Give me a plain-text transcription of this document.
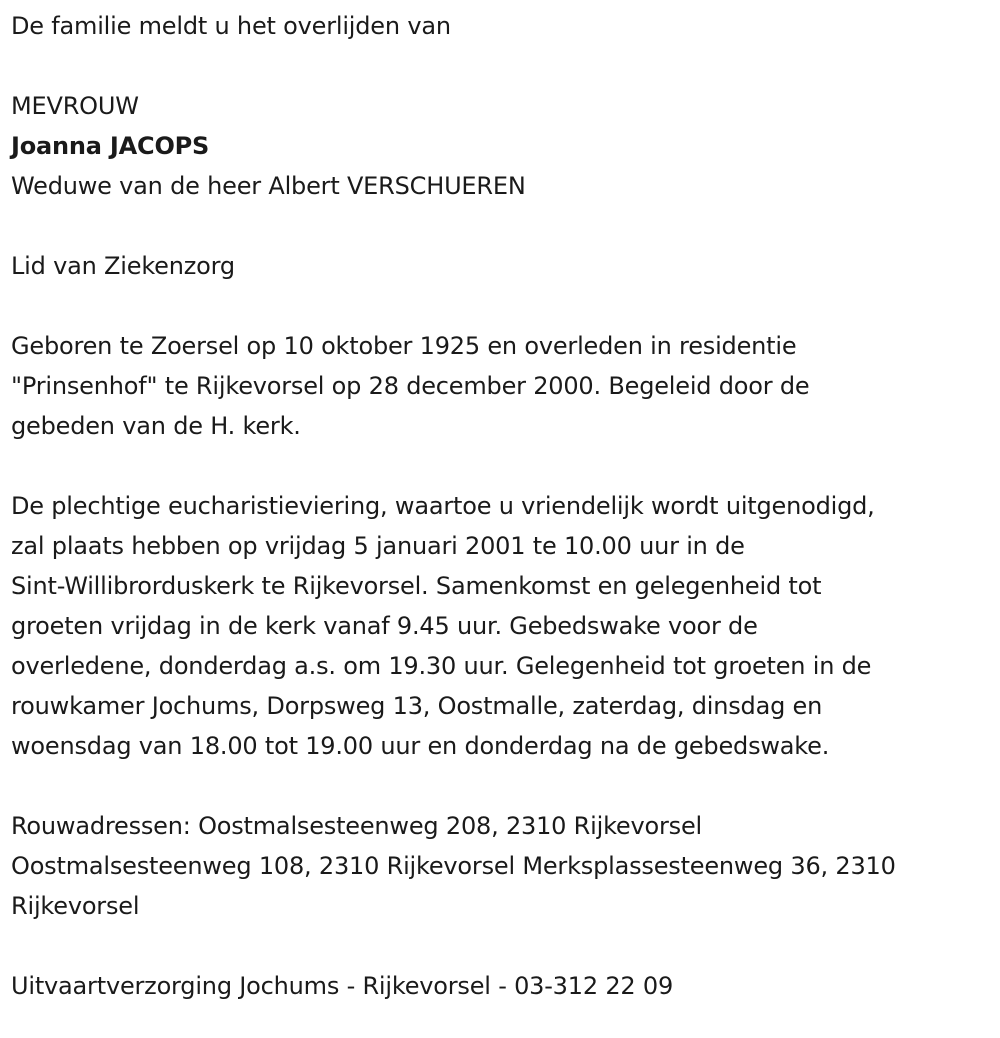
De familie meldt u het overlijden van
MEVROUW
Joanna JACOPS
Weduwe van de heer Albert VERSCHUEREN
Lid van Ziekenzorg
Geboren te Zoersel op 10 oktober 1925 en overleden in residentie
"Prinsenhof" te Rijkevorsel op 28 december 2000. Begeleid door de
gebeden van de H. kerk.
De plechtige eucharistieviering, waartoe u vriendelijk wordt uitgenodigd,
zal plaats hebben op vrijdag 5 januari 2001 te 10.00 uur in de
Sint-Willibrorduskerk te Rijkevorsel. Samenkomst en gelegenheid tot
groeten vrijdag in de kerk vanaf 9.45 uur. Gebedswake voor de
overledene, donderdag a.s. om 19.30 uur. Gelegenheid tot groeten in de
rouwkamer Jochums, Dorpsweg 13, Oostmalle, zaterdag, dinsdag en
woensdag van 18.00 tot 19.00 uur en donderdag na de gebedswake.
Rouwadressen: Oostmalsesteenweg 208, 2310 Rijkevorsel
Oostmalsesteenweg 108, 2310 Rijkevorsel Merksplassesteenweg 36, 2310
Rijkevorsel
Uitvaartverzorging Jochums - Rijkevorsel - 03-312 22 09
